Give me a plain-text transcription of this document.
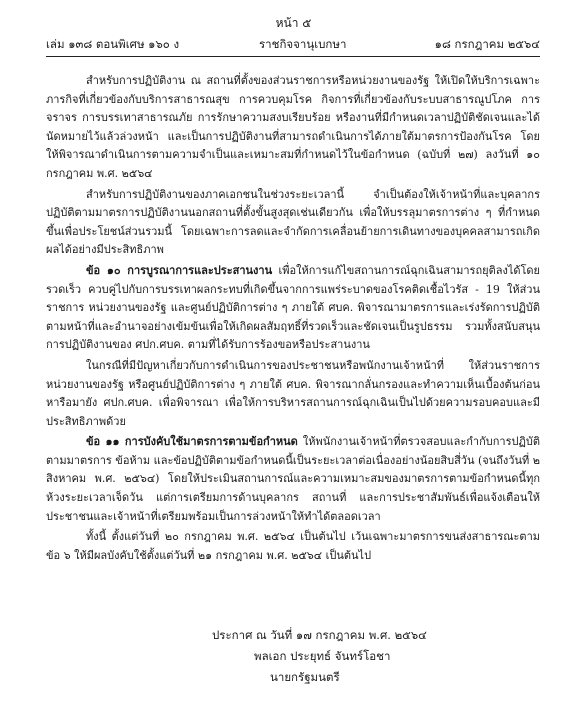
หน้า ๕
เล่ม ๑๓๘ ตอนพิเศษ ๑๖๐ ง	ราชกิจจานุเบกษา	๑๘ กรกฎาคม ๒๕๖๔

สำหรับการปฏิบัติงาน ณ สถานที่ตั้งของส่วนราชการหรือหน่วยงานของรัฐ ให้เปิดให้บริการเฉพาะภารกิจที่เกี่ยวข้องกับบริการสาธารณสุข การควบคุมโรค กิจการที่เกี่ยวข้องกับระบบสาธารณูปโภค การจราจร การบรรเทาสาธารณภัย การรักษาความสงบเรียบร้อย หรืองานที่มีกำหนดเวลาปฏิบัติชัดเจนและได้นัดหมายไว้แล้วล่วงหน้า และเป็นการปฏิบัติงานที่สามารถดำเนินการได้ภายใต้มาตรการป้องกันโรค โดยให้พิจารณาดำเนินการตามความจำเป็นและเหมาะสมที่กำหนดไว้ในข้อกำหนด (ฉบับที่ ๒๗) ลงวันที่ ๑๐ กรกฎาคม พ.ศ. ๒๕๖๔

สำหรับการปฏิบัติงานของภาคเอกชนในช่วงระยะเวลานี้ จำเป็นต้องให้เจ้าหน้าที่และบุคลากรปฏิบัติตามมาตรการปฏิบัติงานนอกสถานที่ตั้งขั้นสูงสุดเช่นเดียวกัน เพื่อให้บรรลุมาตรการต่าง ๆ ที่กำหนดขึ้นเพื่อประโยชน์ส่วนรวมนี้ โดยเฉพาะการลดและจำกัดการเคลื่อนย้ายการเดินทางของบุคคลสามารถเกิดผลได้อย่างมีประสิทธิภาพ

ข้อ ๑๐ การบูรณาการและประสานงาน เพื่อให้การแก้ไขสถานการณ์ฉุกเฉินสามารถยุติลงได้โดยรวดเร็ว ควบคู่ไปกับการบรรเทาผลกระทบที่เกิดขึ้นจากการแพร่ระบาดของโรคติดเชื้อไวรัส - 19 ให้ส่วนราชการ หน่วยงานของรัฐ และศูนย์ปฏิบัติการต่าง ๆ ภายใต้ ศบค. พิจารณามาตรการและเร่งรัดการปฏิบัติตามหน้าที่และอำนาจอย่างเข้มข้นเพื่อให้เกิดผลสัมฤทธิ์ที่รวดเร็วและชัดเจนเป็นรูปธรรม รวมทั้งสนับสนุนการปฏิบัติงานของ ศปก.ศบค. ตามที่ได้รับการร้องขอหรือประสานงาน

ในกรณีที่มีปัญหาเกี่ยวกับการดำเนินการของประชาชนหรือพนักงานเจ้าหน้าที่ ให้ส่วนราชการหน่วยงานของรัฐ หรือศูนย์ปฏิบัติการต่าง ๆ ภายใต้ ศบค. พิจารณากลั่นกรองและทำความเห็นเบื้องต้นก่อนหารือมายัง ศปก.ศบค. เพื่อพิจารณา เพื่อให้การบริหารสถานการณ์ฉุกเฉินเป็นไปด้วยความรอบคอบและมีประสิทธิภาพด้วย

ข้อ ๑๑ การบังคับใช้มาตรการตามข้อกำหนด ให้พนักงานเจ้าหน้าที่ตรวจสอบและกำกับการปฏิบัติตามมาตรการ ข้อห้าม และข้อปฏิบัติตามข้อกำหนดนี้เป็นระยะเวลาต่อเนื่องอย่างน้อยสิบสี่วัน (จนถึงวันที่ ๒ สิงหาคม พ.ศ. ๒๕๖๔) โดยให้ประเมินสถานการณ์และความเหมาะสมของมาตรการตามข้อกำหนดนี้ทุกห้วงระยะเวลาเจ็ดวัน แต่การเตรียมการด้านบุคลากร สถานที่ และการประชาสัมพันธ์เพื่อแจ้งเตือนให้ประชาชนและเจ้าหน้าที่เตรียมพร้อมเป็นการล่วงหน้าให้ทำได้ตลอดเวลา

ทั้งนี้ ตั้งแต่วันที่ ๒๐ กรกฎาคม พ.ศ. ๒๕๖๔ เป็นต้นไป เว้นเฉพาะมาตรการขนส่งสาธารณะตามข้อ ๖ ให้มีผลบังคับใช้ตั้งแต่วันที่ ๒๑ กรกฎาคม พ.ศ. ๒๕๖๔ เป็นต้นไป

ประกาศ ณ วันที่ ๑๗ กรกฎาคม พ.ศ. ๒๕๖๔
พลเอก ประยุทธ์ จันทร์โอชา
นายกรัฐมนตรี
